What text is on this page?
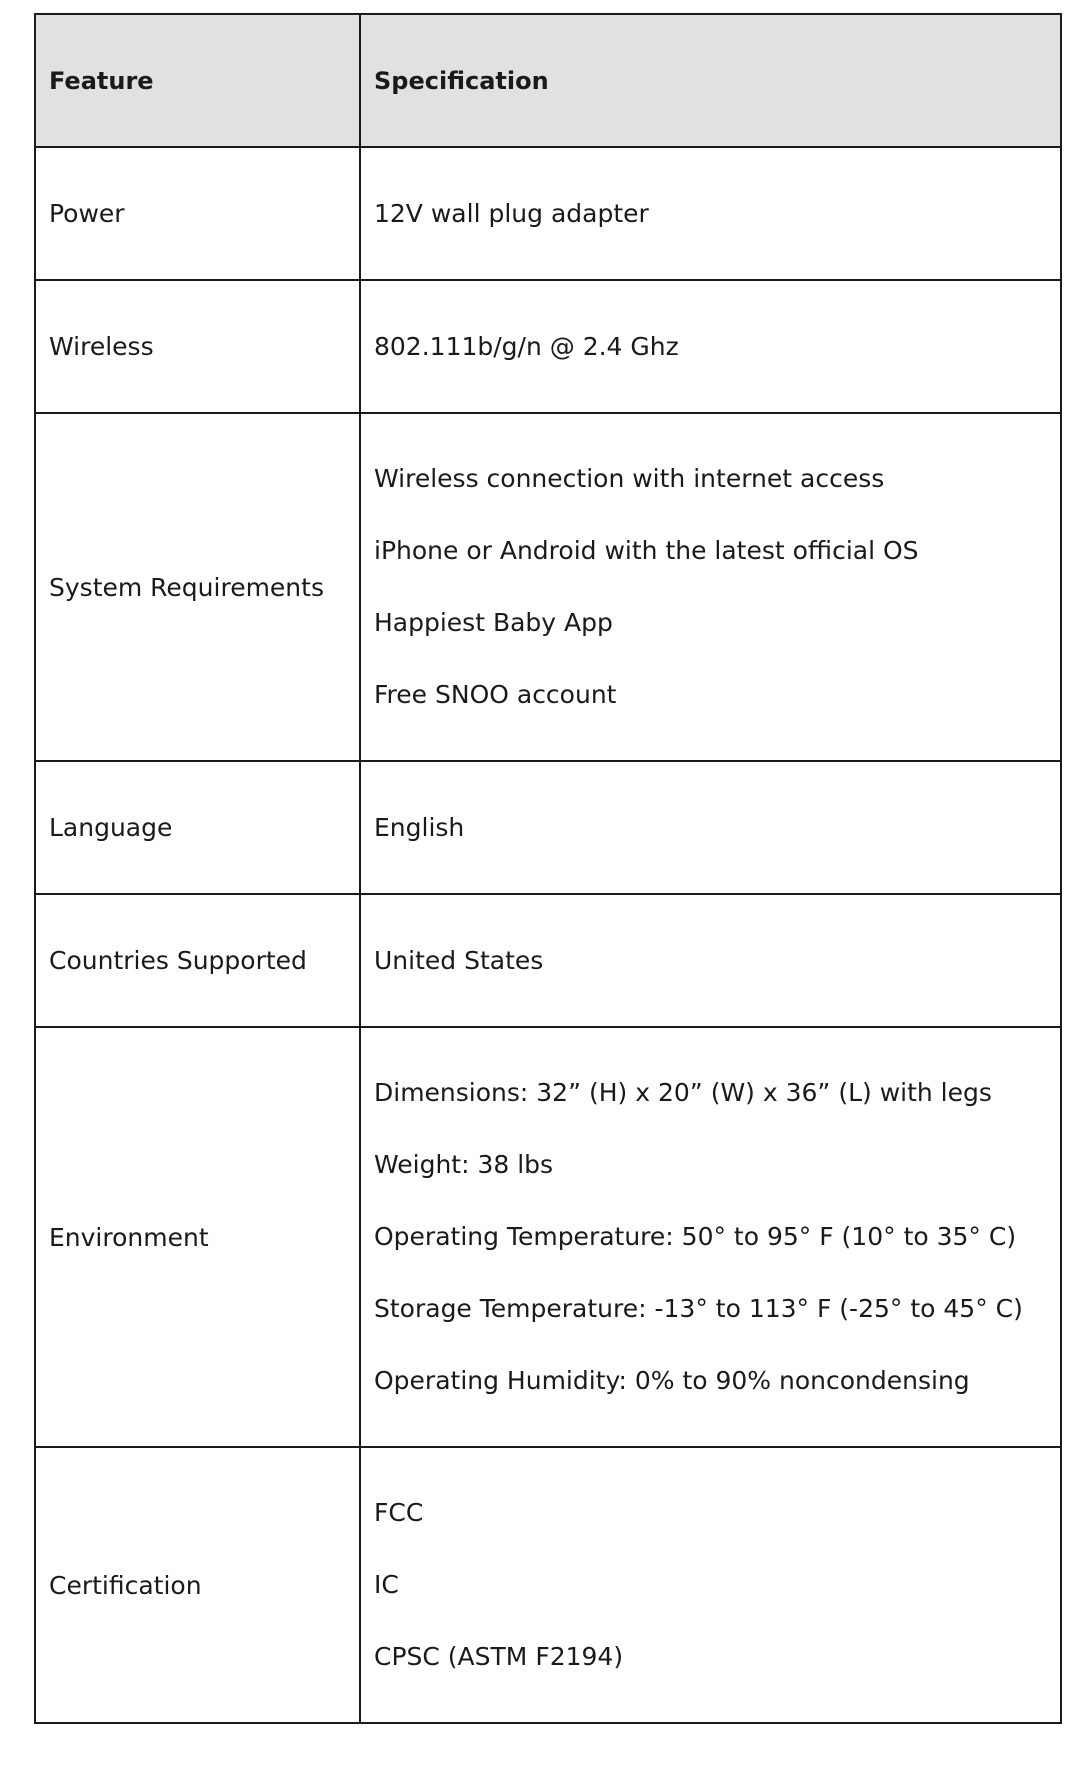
Feature	Specification
Power	12V wall plug adapter

Wireless	802.111b/g/n @ 2.4 Ghz

System Requirements	Wireless connection with internet access
iPhone or Android with the latest official OS
Happiest Baby App
Free SNOO account

Language	English

Countries Supported	United States

Environment	Dimensions: 32” (H) x 20” (W) x 36” (L) with legs
Weight: 38 lbs
Operating Temperature: 50° to 95° F (10° to 35° C)
Storage Temperature: -13° to 113° F (-25° to 45° C)
Operating Humidity: 0% to 90% noncondensing

Certification	FCC
IC
CPSC (ASTM F2194)
